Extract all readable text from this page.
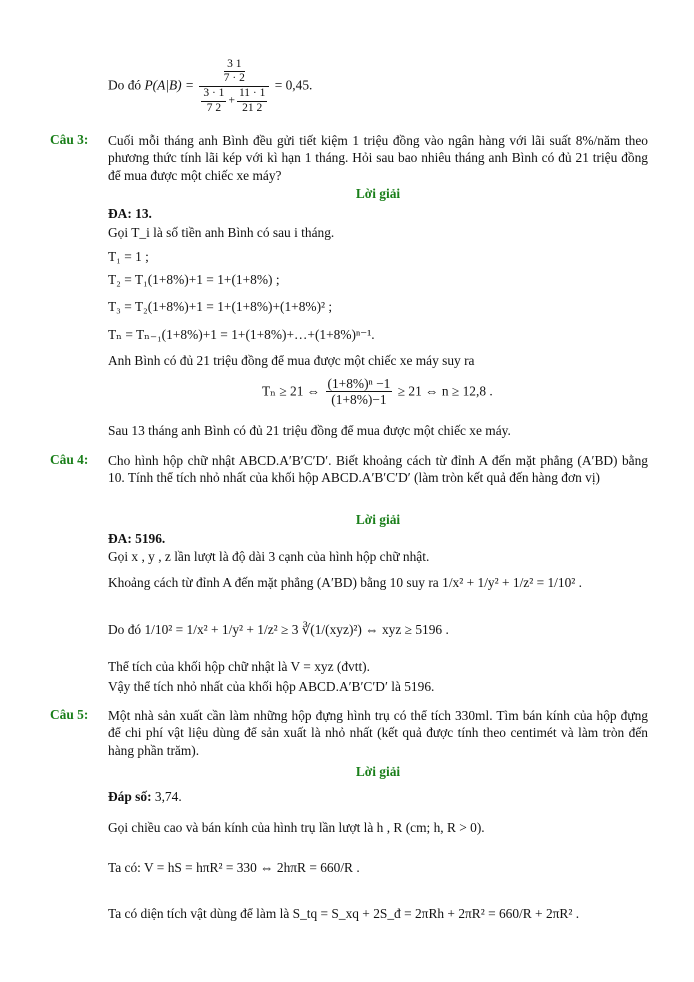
Do đó $P(A|B) = \frac{\frac{3 1}{7 \cdot 2}}{\frac{3 \cdot 1}{7 2} + \frac{11 \cdot 1}{21 2}} = 0,45$.
Câu 3: Cuối mỗi tháng anh Bình đều gửi tiết kiệm 1 triệu đồng vào ngân hàng với lãi suất 8%/năm theo phương thức tính lãi kép với kì hạn 1 tháng. Hỏi sau bao nhiêu tháng anh Bình có đủ 21 triệu đồng để mua được một chiếc xe máy?
Lời giải
ĐA: 13.
Gọi T_i là số tiền anh Bình có sau i tháng.
T₁ = 1 ;
T₂ = T₁(1+8%)+1 = 1+(1+8%) ;
T₃ = T₂(1+8%)+1 = 1+(1+8%)+(1+8%)² ;
Tₙ = Tₙ₋₁(1+8%)+1 = 1+(1+8%)+…+(1+8%)ⁿ⁻¹.
Anh Bình có đủ 21 triệu đồng để mua được một chiếc xe máy suy ra
Tₙ ≥ 21 ⇔ $\frac{\text{(1+8\%)ⁿ −1}}{(1+8\%)-1} \ge 21$ ⇔ n ≥ 12,8 .
Sau 13 tháng anh Bình có đủ 21 triệu đồng để mua được một chiếc xe máy.
Câu 4: Cho hình hộp chữ nhật ABCD.A′B′C′D′. Biết khoảng cách từ đỉnh A đến mặt phẳng (A′BD) bằng 10. Tính thể tích nhỏ nhất của khối hộp ABCD.A′B′C′D′ (làm tròn kết quả đến hàng đơn vị)
Lời giải
ĐA: 5196.
Gọi x , y , z lần lượt là độ dài 3 cạnh của hình hộp chữ nhật.
Khoảng cách từ đỉnh A đến mặt phẳng (A′BD) bằng 10 suy ra 1/x² + 1/y² + 1/z² = 1/10² .
Do đó 1/10² = 1/x² + 1/y² + 1/z² ≥ 3 ∛(1/(xyz)²) ⇔ xyz ≥ 5196 .
Thể tích của khối hộp chữ nhật là V = xyz (đvtt).
Vậy thể tích nhỏ nhất của khối hộp ABCD.A′B′C′D′ là 5196.
Câu 5: Một nhà sản xuất cần làm những hộp đựng hình trụ có thể tích 330ml. Tìm bán kính của hộp đựng để chi phí vật liệu dùng để sản xuất là nhỏ nhất (kết quả được tính theo centimét và làm tròn đến hàng phần trăm).
Lời giải
Đáp số: 3,74.
Gọi chiều cao và bán kính của hình trụ lần lượt là h , R (cm; h, R > 0).
Ta có: V = hS = hπR² = 330 ⇔ 2hπR = 660/R .
Ta có diện tích vật dùng để làm là S_tq = S_xq + 2S_đ = 2πRh + 2πR² = 660/R + 2πR² .
